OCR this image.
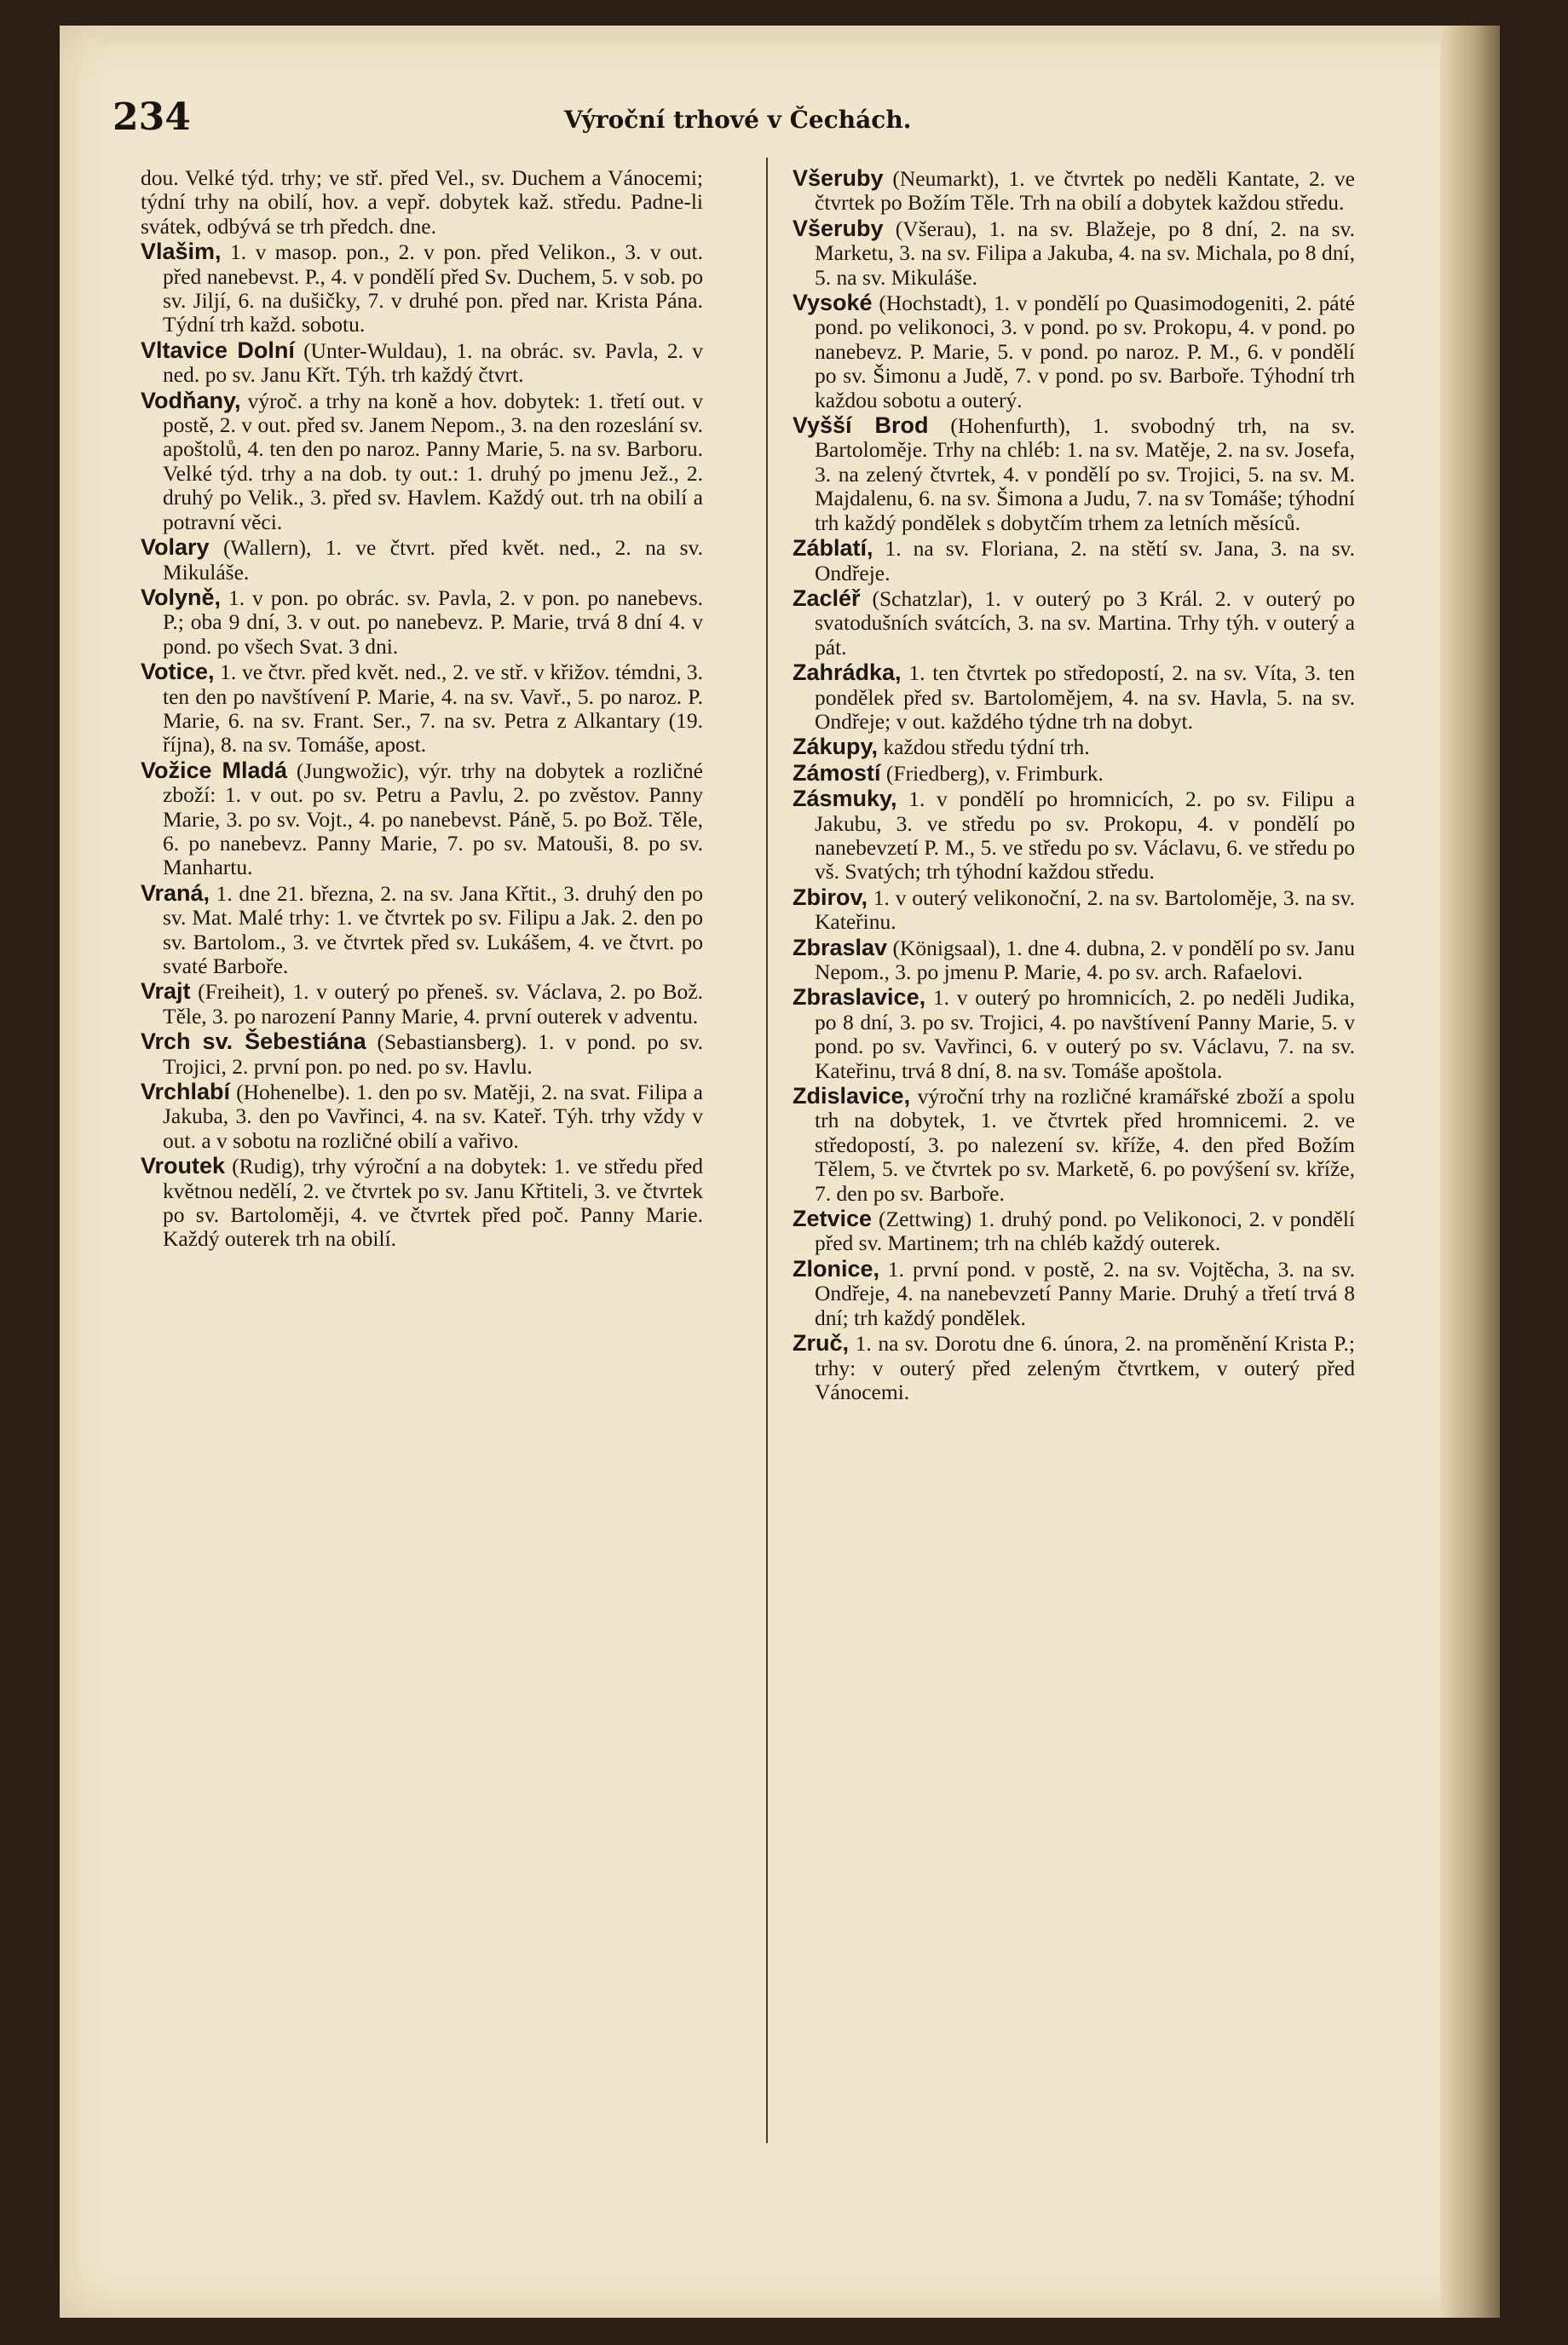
234	Výroční trhové v Čechách.

dou. Velké týd. trhy; ve stř. před Vel., sv. Duchem a Vánocemi; týdní trhy na obilí, hov. a vepř. dobytek kaž. středu. Padne-li svátek, odbývá se trh předch. dne.

Vlašim, 1. v masop. pon., 2. v pon. před Velikon., 3. v out. před nanebevst. P., 4. v pondělí před Sv. Duchem, 5. v sob. po sv. Jiljí, 6. na dušičky, 7. v druhé pon. před nar. Krista Pána. Týdní trh každ. sobotu.

Vltavice Dolní (Unter-Wuldau), 1. na obrác. sv. Pavla, 2. v ned. po sv. Janu Křt. Týh. trh každý čtvrt.

Vodňany, výroč. a trhy na koně a hov. dobytek: 1. třetí out. v postě, 2. v out. před sv. Janem Nepom., 3. na den rozeslání sv. apoštolů, 4. ten den po naroz. Panny Marie, 5. na sv. Barboru. Velké týd. trhy a na dob. ty out.: 1. druhý po jmenu Jež., 2. druhý po Velik., 3. před sv. Havlem. Každý out. trh na obilí a potravní věci.

Volary (Wallern), 1. ve čtvrt. před květ. ned., 2. na sv. Mikuláše.

Volyně, 1. v pon. po obrác. sv. Pavla, 2. v pon. po nanebevs. P.; oba 9 dní, 3. v out. po nanebevz. P. Marie, trvá 8 dní 4. v pond. po všech Svat. 3 dni.

Votice, 1. ve čtvr. před květ. ned., 2. ve stř. v křižov. témdni, 3. ten den po navštívení P. Marie, 4. na sv. Vavř., 5. po naroz. P. Marie, 6. na sv. Frant. Ser., 7. na sv. Petra z Alkantary (19. října), 8. na sv. Tomáše, apost.

Vožice Mladá (Jungwožic), výr. trhy na dobytek a rozličné zboží: 1. v out. po sv. Petru a Pavlu, 2. po zvěstov. Panny Marie, 3. po sv. Vojt., 4. po nanebevst. Páně, 5. po Bož. Těle, 6. po nanebevz. Panny Marie, 7. po sv. Matouši, 8. po sv. Manhartu.

Vraná, 1. dne 21. března, 2. na sv. Jana Křtit., 3. druhý den po sv. Mat. Malé trhy: 1. ve čtvrtek po sv. Filipu a Jak. 2. den po sv. Bartolom., 3. ve čtvrtek před sv. Lukášem, 4. ve čtvrt. po svaté Barboře.

Vrajt (Freiheit), 1. v outerý po přeneš. sv. Václava, 2. po Bož. Těle, 3. po narození Panny Marie, 4. první outerek v adventu.

Vrch sv. Šebestiána (Sebastiansberg). 1. v pond. po sv. Trojici, 2. první pon. po ned. po sv. Havlu.

Vrchlabí (Hohenelbe). 1. den po sv. Matěji, 2. na svat. Filipa a Jakuba, 3. den po Vavřinci, 4. na sv. Kateř. Týh. trhy vždy v out. a v sobotu na rozličné obilí a vařivo.

Vroutek (Rudig), trhy výroční a na dobytek: 1. ve středu před květnou nedělí, 2. ve čtvrtek po sv. Janu Křtiteli, 3. ve čtvrtek po sv. Bartoloměji, 4. ve čtvrtek před poč. Panny Marie. Každý outerek trh na obilí.

Všeruby (Neumarkt), 1. ve čtvrtek po neděli Kantate, 2. ve čtvrtek po Božím Těle. Trh na obilí a dobytek každou středu.

Všeruby (Všerau), 1. na sv. Blažeje, po 8 dní, 2. na sv. Marketu, 3. na sv. Filipa a Jakuba, 4. na sv. Michala, po 8 dní, 5. na sv. Mikuláše.

Vysoké (Hochstadt), 1. v pondělí po Quasimodogeniti, 2. páté pond. po velikonoci, 3. v pond. po sv. Prokopu, 4. v pond. po nanebevz. P. Marie, 5. v pond. po naroz. P. M., 6. v pondělí po sv. Šimonu a Judě, 7. v pond. po sv. Barboře. Týhodní trh každou sobotu a outerý.

Vyšší Brod (Hohenfurth), 1. svobodný trh, na sv. Bartoloměje. Trhy na chléb: 1. na sv. Matěje, 2. na sv. Josefa, 3. na zelený čtvrtek, 4. v pondělí po sv. Trojici, 5. na sv. M. Majdalenu, 6. na sv. Šimona a Judu, 7. na sv Tomáše; týhodní trh každý pondělek s dobytčím trhem za letních měsíců.

Záblatí, 1. na sv. Floriana, 2. na stětí sv. Jana, 3. na sv. Ondřeje.

Zacléř (Schatzlar), 1. v outerý po 3 Král. 2. v outerý po svatodušních svátcích, 3. na sv. Martina. Trhy týh. v outerý a pát.

Zahrádka, 1. ten čtvrtek po středopostí, 2. na sv. Víta, 3. ten pondělek před sv. Bartolomějem, 4. na sv. Havla, 5. na sv. Ondřeje; v out. každého týdne trh na dobyt.

Zákupy, každou středu týdní trh.

Zámostí (Friedberg), v. Frimburk.

Zásmuky, 1. v pondělí po hromnicích, 2. po sv. Filipu a Jakubu, 3. ve středu po sv. Prokopu, 4. v pondělí po nanebevzetí P. M., 5. ve středu po sv. Václavu, 6. ve středu po vš. Svatých; trh týhodní každou středu.

Zbirov, 1. v outerý velikonoční, 2. na sv. Bartoloměje, 3. na sv. Kateřinu.

Zbraslav (Königsaal), 1. dne 4. dubna, 2. v pondělí po sv. Janu Nepom., 3. po jmenu P. Marie, 4. po sv. arch. Rafaelovi.

Zbraslavice, 1. v outerý po hromnicích, 2. po neděli Judika, po 8 dní, 3. po sv. Trojici, 4. po navštívení Panny Marie, 5. v pond. po sv. Vavřinci, 6. v outerý po sv. Václavu, 7. na sv. Kateřinu, trvá 8 dní, 8. na sv. Tomáše apoštola.

Zdislavice, výroční trhy na rozličné kramářské zboží a spolu trh na dobytek, 1. ve čtvrtek před hromnicemi. 2. ve středopostí, 3. po nalezení sv. kříže, 4. den před Božím Tělem, 5. ve čtvrtek po sv. Marketě, 6. po povýšení sv. kříže, 7. den po sv. Barboře.

Zetvice (Zettwing) 1. druhý pond. po Velikonoci, 2. v pondělí před sv. Martinem; trh na chléb každý outerek.

Zlonice, 1. první pond. v postě, 2. na sv. Vojtěcha, 3. na sv. Ondřeje, 4. na nanebevzetí Panny Marie. Druhý a třetí trvá 8 dní; trh každý pondělek.

Zruč, 1. na sv. Dorotu dne 6. února, 2. na proměnění Krista P.; trhy: v outerý před zeleným čtvrtkem, v outerý před Vánocemi.
